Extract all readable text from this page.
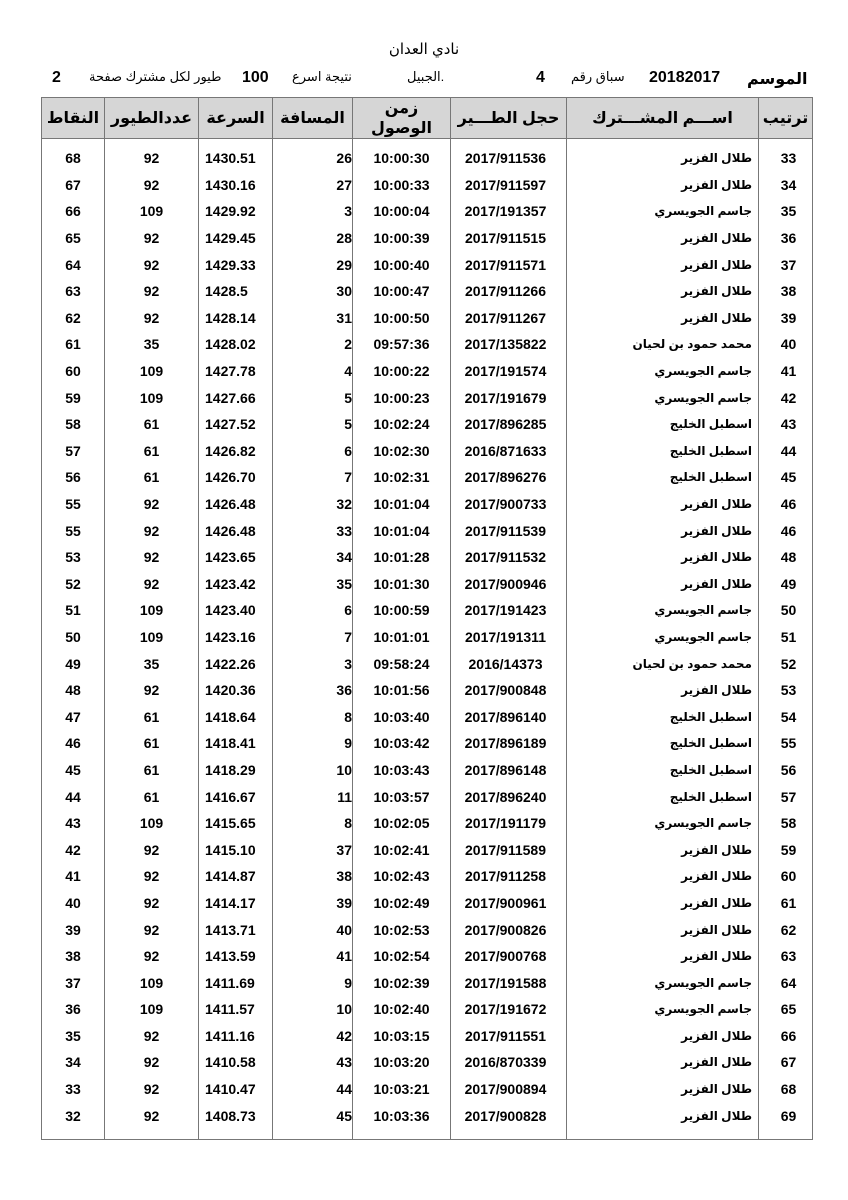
نادي العدان
2 طيور لكل مشترك صفحة 100 نتيجة اسرع	الجبيل.	4 سباق رقم 20182017 الموسم
ترتيب	اســـم المشـــترك	حجل الطـــير	زمن الوصول	المسافة	السرعة	عددالطيور	النقاط

33	طلال الفزير	2017/911536	10:00:30	26	1430.51	92	68
34	طلال الفزير	2017/911597	10:00:33	27	1430.16	92	67
35	جاسم الجويسري	2017/191357	10:00:04	3	1429.92	109	66
36	طلال الفزير	2017/911515	10:00:39	28	1429.45	92	65
37	طلال الفزير	2017/911571	10:00:40	29	1429.33	92	64
38	طلال الفزير	2017/911266	10:00:47	30	1428.5	92	63
39	طلال الفزير	2017/911267	10:00:50	31	1428.14	92	62
40	محمد حمود بن لحيان	2017/135822	09:57:36	2	1428.02	35	61
41	جاسم الجويسري	2017/191574	10:00:22	4	1427.78	109	60
42	جاسم الجويسري	2017/191679	10:00:23	5	1427.66	109	59
43	اسطبل الخليج	2017/896285	10:02:24	5	1427.52	61	58
44	اسطبل الخليج	2016/871633	10:02:30	6	1426.82	61	57
45	اسطبل الخليج	2017/896276	10:02:31	7	1426.70	61	56
46	طلال الفزير	2017/900733	10:01:04	32	1426.48	92	55
46	طلال الفزير	2017/911539	10:01:04	33	1426.48	92	55
48	طلال الفزير	2017/911532	10:01:28	34	1423.65	92	53
49	طلال الفزير	2017/900946	10:01:30	35	1423.42	92	52
50	جاسم الجويسري	2017/191423	10:00:59	6	1423.40	109	51
51	جاسم الجويسري	2017/191311	10:01:01	7	1423.16	109	50
52	محمد حمود بن لحيان	2016/14373	09:58:24	3	1422.26	35	49
53	طلال الفزير	2017/900848	10:01:56	36	1420.36	92	48
54	اسطبل الخليج	2017/896140	10:03:40	8	1418.64	61	47
55	اسطبل الخليج	2017/896189	10:03:42	9	1418.41	61	46
56	اسطبل الخليج	2017/896148	10:03:43	10	1418.29	61	45
57	اسطبل الخليج	2017/896240	10:03:57	11	1416.67	61	44
58	جاسم الجويسري	2017/191179	10:02:05	8	1415.65	109	43
59	طلال الفزير	2017/911589	10:02:41	37	1415.10	92	42
60	طلال الفزير	2017/911258	10:02:43	38	1414.87	92	41
61	طلال الفزير	2017/900961	10:02:49	39	1414.17	92	40
62	طلال الفزير	2017/900826	10:02:53	40	1413.71	92	39
63	طلال الفزير	2017/900768	10:02:54	41	1413.59	92	38
64	جاسم الجويسري	2017/191588	10:02:39	9	1411.69	109	37
65	جاسم الجويسري	2017/191672	10:02:40	10	1411.57	109	36
66	طلال الفزير	2017/911551	10:03:15	42	1411.16	92	35
67	طلال الفزير	2016/870339	10:03:20	43	1410.58	92	34
68	طلال الفزير	2017/900894	10:03:21	44	1410.47	92	33
69	طلال الفزير	2017/900828	10:03:36	45	1408.73	92	32
